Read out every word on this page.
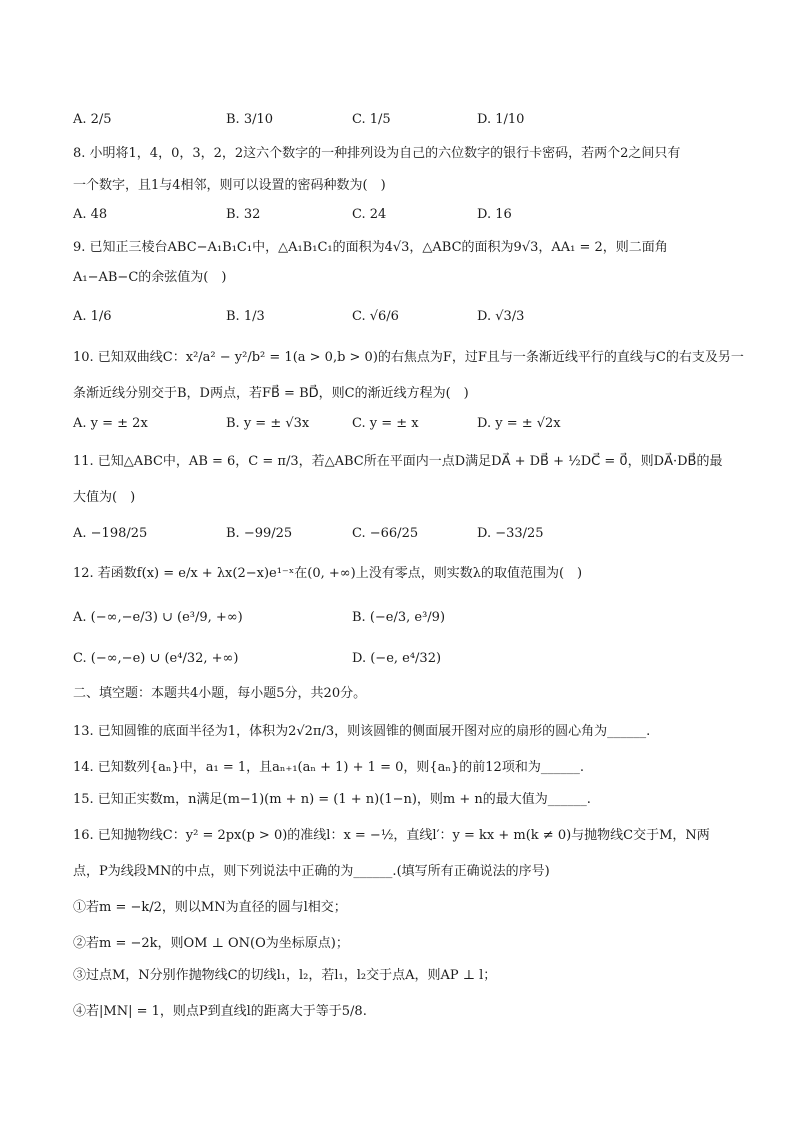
A. 2/5	B. 3/10	C. 1/5	D. 1/10
8. 小明将1，4，0，3，2，2这六个数字的一种排列设为自己的六位数字的银行卡密码，若两个2之间只有
一个数字，且1与4相邻，则可以设置的密码种数为(　)
A. 48	B. 32	C. 24	D. 16
9. 已知正三棱台ABC−A₁B₁C₁中，△A₁B₁C₁的面积为4√3，△ABC的面积为9√3，AA₁ = 2，则二面角
A₁−AB−C的余弦值为(　)
A. 1/6	B. 1/3	C. √6/6	D. √3/3
10. 已知双曲线C：x²/a² − y²/b² = 1(a > 0,b > 0)的右焦点为F，过F且与一条渐近线平行的直线与C的右支及另一
条渐近线分别交于B，D两点，若FB⃗ = BD⃗，则C的渐近线方程为(　)
A. y = ± 2x	B. y = ± √3x	C. y = ± x	D. y = ± √2x
11. 已知△ABC中，AB = 6，C = π/3，若△ABC所在平面内一点D满足DA⃗ + DB⃗ + ½DC⃗ = 0⃗，则DA⃗·DB⃗的最
大值为(　)
A. −198/25	B. −99/25	C. −66/25	D. −33/25
12. 若函数f(x) = e/x + λx(2−x)e¹⁻ˣ在(0, +∞)上没有零点，则实数λ的取值范围为(　)
A. (−∞,−e/3) ∪ (e³/9, +∞)	B. (−e/3, e³/9)
C. (−∞,−e) ∪ (e⁴/32, +∞)	D. (−e, e⁴/32)
二、填空题：本题共4小题，每小题5分，共20分。
13. 已知圆锥的底面半径为1，体积为2√2π/3，则该圆锥的侧面展开图对应的扇形的圆心角为______.
14. 已知数列{aₙ}中，a₁ = 1，且aₙ₊₁(aₙ + 1) + 1 = 0，则{aₙ}的前12项和为______.
15. 已知正实数m，n满足(m−1)(m + n) = (1 + n)(1−n)，则m + n的最大值为______.
16. 已知抛物线C：y² = 2px(p > 0)的准线l：x = −½，直线l′：y = kx + m(k ≠ 0)与抛物线C交于M，N两
点，P为线段MN的中点，则下列说法中正确的为______.(填写所有正确说法的序号)
①若m = −k/2，则以MN为直径的圆与l相交；
②若m = −2k，则OM ⊥ ON(O为坐标原点)；
③过点M，N分别作抛物线C的切线l₁，l₂，若l₁，l₂交于点A，则AP ⊥ l；
④若|MN| = 1，则点P到直线l的距离大于等于5/8.
